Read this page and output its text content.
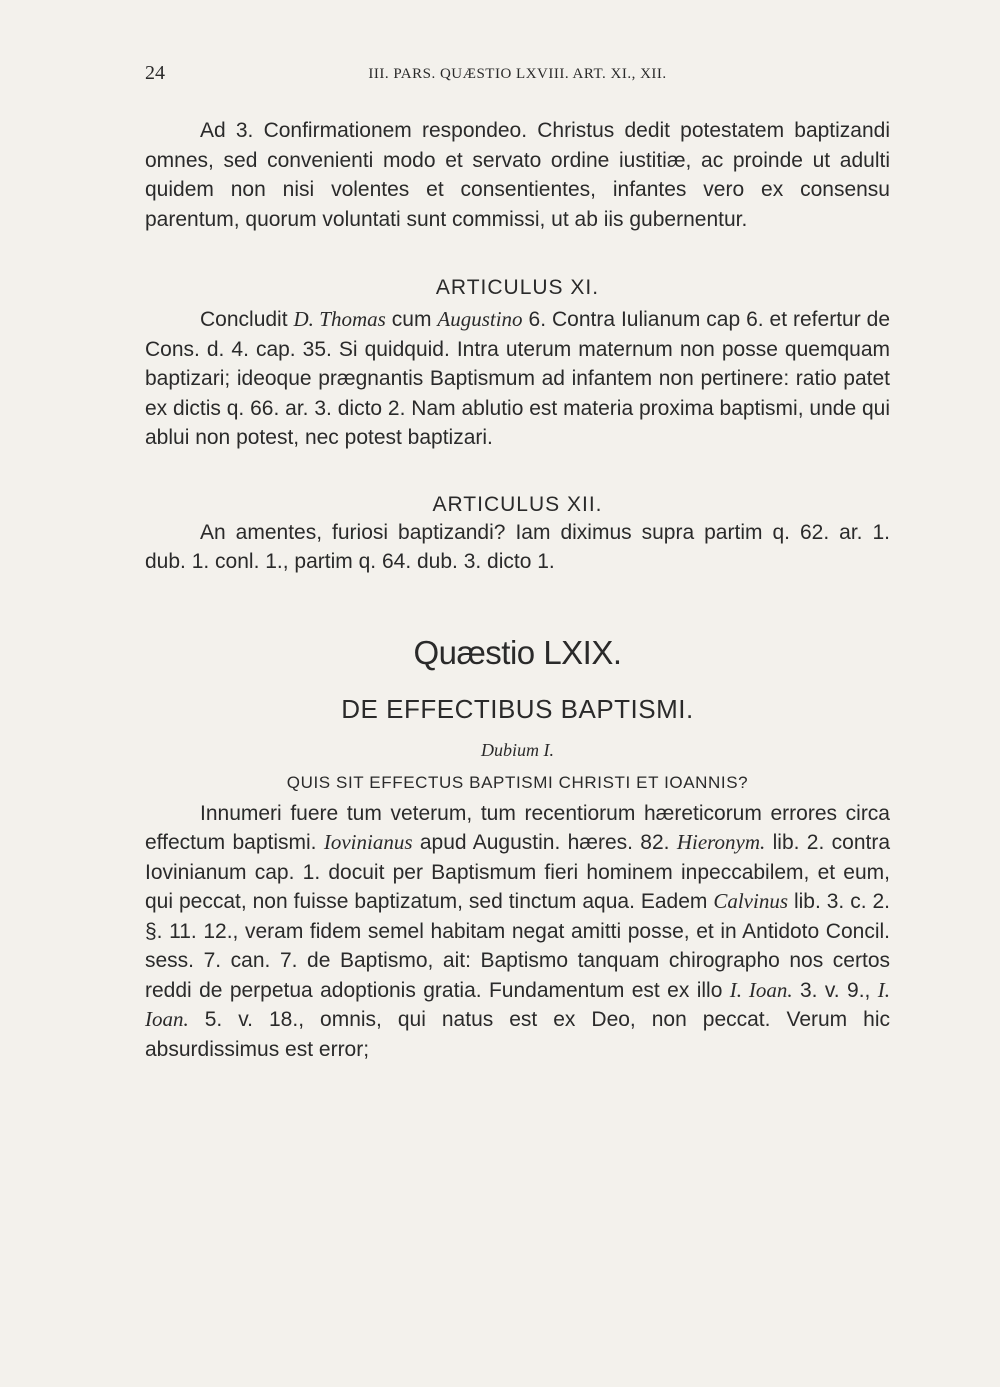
24	III. PARS. QUÆSTIO LXVIII. ART. XI., XII.

Ad 3. Confirmationem respondeo. Christus dedit potestatem baptizandi omnes, sed convenienti modo et servato ordine iustitiæ, ac proinde ut adulti quidem non nisi volentes et consentientes, infantes vero ex consensu parentum, quorum voluntati sunt commissi, ut ab iis gubernentur.

ARTICULUS XI.

Concludit D. Thomas cum Augustino 6. Contra Iulianum cap 6. et refertur de Cons. d. 4. cap. 35. Si quidquid. Intra uterum maternum non posse quemquam baptizari; ideoque prægnantis Baptismum ad infantem non pertinere: ratio patet ex dictis q. 66. ar. 3. dicto 2. Nam ablutio est materia proxima baptismi, unde qui ablui non potest, nec potest baptizari.

ARTICULUS XII.

An amentes, furiosi baptizandi? Iam diximus supra partim q. 62. ar. 1. dub. 1. conl. 1., partim q. 64. dub. 3. dicto 1.

Quæstio LXIX.

DE EFFECTIBUS BAPTISMI.

Dubium I.

QUIS SIT EFFECTUS BAPTISMI CHRISTI ET IOANNIS?

Innumeri fuere tum veterum, tum recentiorum hæreticorum errores circa effectum baptismi. Iovinianus apud Augustin. hæres. 82. Hieronym. lib. 2. contra Iovinianum cap. 1. docuit per Baptismum fieri hominem inpeccabilem, et eum, qui peccat, non fuisse baptizatum, sed tinctum aqua. Eadem Calvinus lib. 3. c. 2. §. 11. 12., veram fidem semel habitam negat amitti posse, et in Antidoto Concil. sess. 7. can. 7. de Baptismo, ait: Baptismo tanquam chirographo nos certos reddi de perpetua adoptionis gratia. Fundamentum est ex illo I. Ioan. 3. v. 9., I. Ioan. 5. v. 18., omnis, qui natus est ex Deo, non peccat. Verum hic absurdissimus est error;
